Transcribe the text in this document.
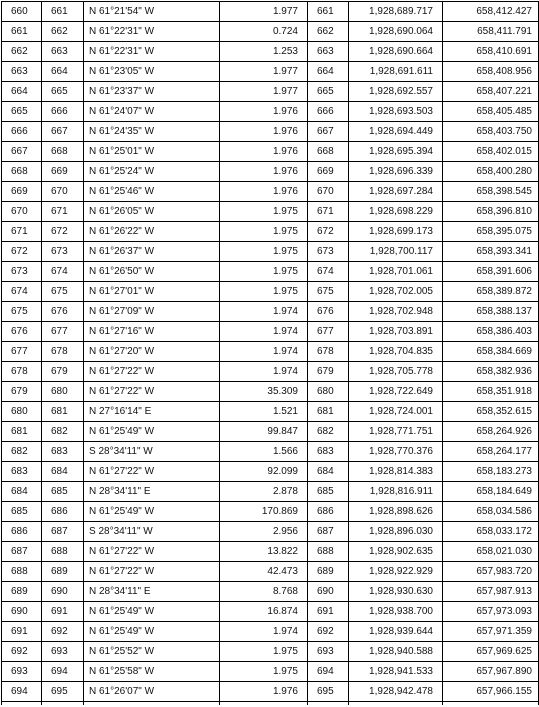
660	661	N 61°21'54" W	1.977	661	1,928,689.717	658,412.427
661	662	N 61°22'31" W	0.724	662	1,928,690.064	658,411.791
662	663	N 61°22'31" W	1.253	663	1,928,690.664	658,410.691
663	664	N 61°23'05" W	1.977	664	1,928,691.611	658,408.956
664	665	N 61°23'37" W	1.977	665	1,928,692.557	658,407.221
665	666	N 61°24'07" W	1.976	666	1,928,693.503	658,405.485
666	667	N 61°24'35" W	1.976	667	1,928,694.449	658,403.750
667	668	N 61°25'01" W	1.976	668	1,928,695.394	658,402.015
668	669	N 61°25'24" W	1.976	669	1,928,696.339	658,400.280
669	670	N 61°25'46" W	1.976	670	1,928,697.284	658,398.545
670	671	N 61°26'05" W	1.975	671	1,928,698.229	658,396.810
671	672	N 61°26'22" W	1.975	672	1,928,699.173	658,395.075
672	673	N 61°26'37" W	1.975	673	1,928,700.117	658,393.341
673	674	N 61°26'50" W	1.975	674	1,928,701.061	658,391.606
674	675	N 61°27'01" W	1.975	675	1,928,702.005	658,389.872
675	676	N 61°27'09" W	1.974	676	1,928,702.948	658,388.137
676	677	N 61°27'16" W	1.974	677	1,928,703.891	658,386.403
677	678	N 61°27'20" W	1.974	678	1,928,704.835	658,384.669
678	679	N 61°27'22" W	1.974	679	1,928,705.778	658,382.936
679	680	N 61°27'22" W	35.309	680	1,928,722.649	658,351.918
680	681	N 27°16'14" E	1.521	681	1,928,724.001	658,352.615
681	682	N 61°25'49" W	99.847	682	1,928,771.751	658,264.926
682	683	S 28°34'11" W	1.566	683	1,928,770.376	658,264.177
683	684	N 61°27'22" W	92.099	684	1,928,814.383	658,183.273
684	685	N 28°34'11" E	2.878	685	1,928,816.911	658,184.649
685	686	N 61°25'49" W	170.869	686	1,928,898.626	658,034.586
686	687	S 28°34'11" W	2.956	687	1,928,896.030	658,033.172
687	688	N 61°27'22" W	13.822	688	1,928,902.635	658,021.030
688	689	N 61°27'22" W	42.473	689	1,928,922.929	657,983.720
689	690	N 28°34'11" E	8.768	690	1,928,930.630	657,987.913
690	691	N 61°25'49" W	16.874	691	1,928,938.700	657,973.093
691	692	N 61°25'49" W	1.974	692	1,928,939.644	657,971.359
692	693	N 61°25'52" W	1.975	693	1,928,940.588	657,969.625
693	694	N 61°25'58" W	1.975	694	1,928,941.533	657,967.890
694	695	N 61°26'07" W	1.976	695	1,928,942.478	657,966.155
